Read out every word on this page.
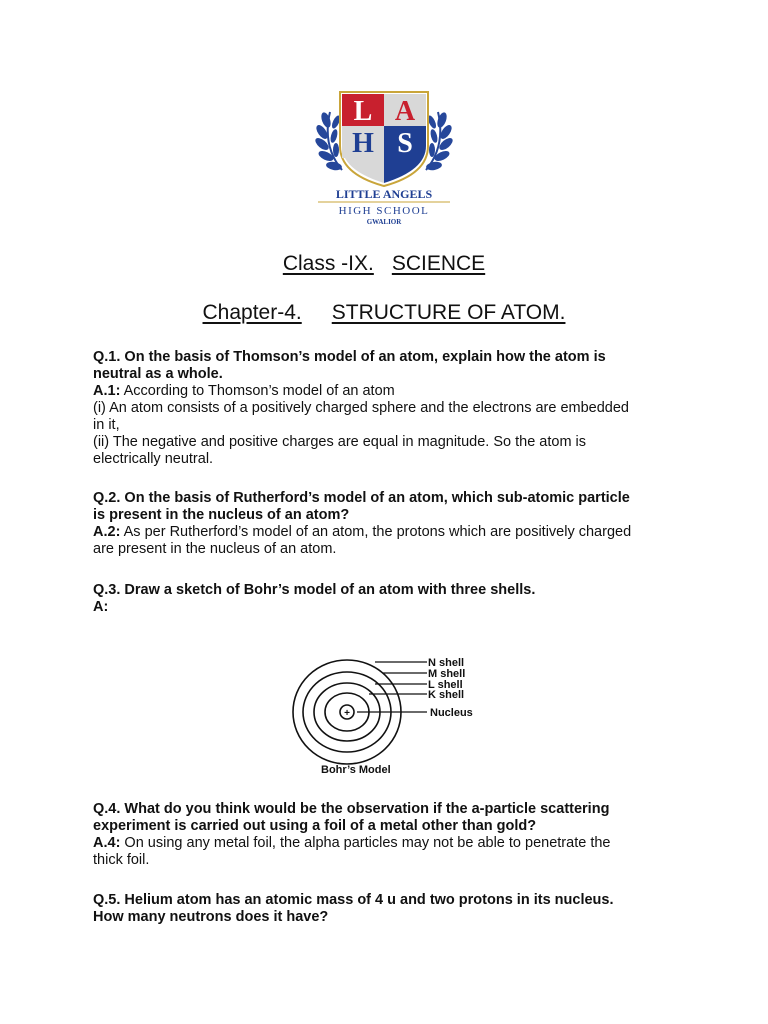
L A
H S
LITTLE ANGELS
HIGH SCHOOL
GWALIOR
Class -IX. SCIENCE
Chapter-4. STRUCTURE OF ATOM.
Q.1. On the basis of Thomson’s model of an atom, explain how the atom is
neutral as a whole.
A.1: According to Thomson’s model of an atom
(i) An atom consists of a positively charged sphere and the electrons are embedded
in it,
(ii) The negative and positive charges are equal in magnitude. So the atom is
electrically neutral.
Q.2. On the basis of Rutherford’s model of an atom, which sub-atomic particle
is present in the nucleus of an atom?
A.2: As per Rutherford’s model of an atom, the protons which are positively charged
are present in the nucleus of an atom.
Q.3. Draw a sketch of Bohr’s model of an atom with three shells.
A:
+
N shell
M shell
L shell
K shell
Nucleus
Bohr’s Model
Q.4. What do you think would be the observation if the a-particle scattering
experiment is carried out using a foil of a metal other than gold?
A.4: On using any metal foil, the alpha particles may not be able to penetrate the
thick foil.
Q.5. Helium atom has an atomic mass of 4 u and two protons in its nucleus.
How many neutrons does it have?
